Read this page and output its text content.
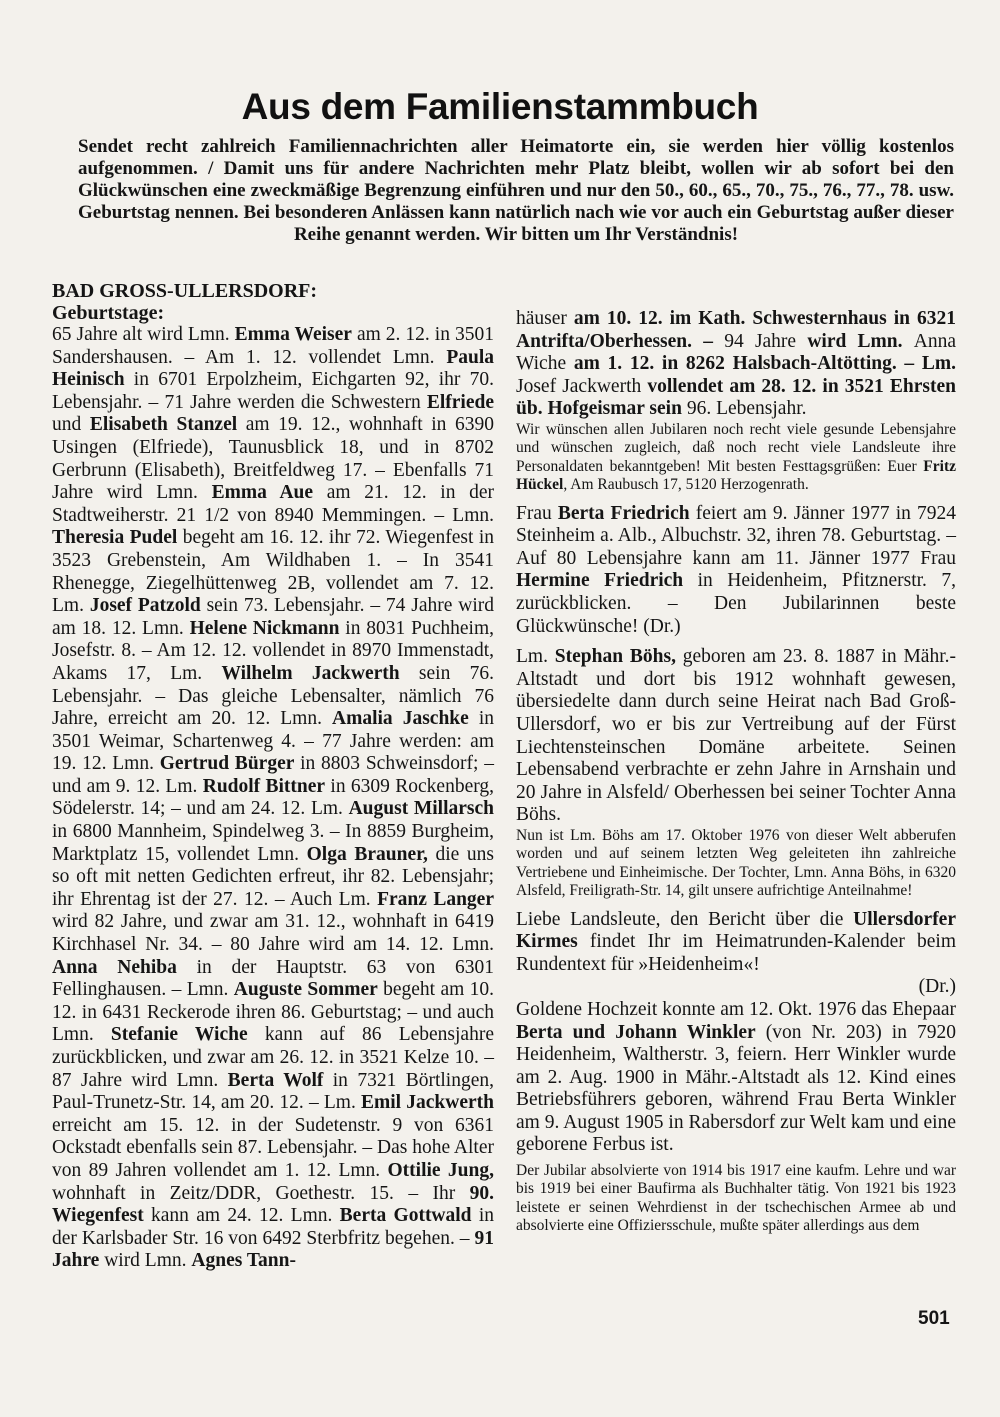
Aus dem Familienstammbuch
Sendet recht zahlreich Familiennachrichten aller Heimatorte ein, sie werden hier völlig kostenlos aufgenommen. / Damit uns für andere Nachrichten mehr Platz bleibt, wollen wir ab sofort bei den Glückwünschen eine zweckmäßige Begrenzung einführen und nur den 50., 60., 65., 70., 75., 76., 77., 78. usw. Geburtstag nennen. Bei besonderen Anlässen kann natürlich nach wie vor auch ein Geburtstag außer dieser Reihe genannt werden. Wir bitten um Ihr Verständnis!
BAD GROSS-ULLERSDORF:
Geburtstage:

65 Jahre alt wird Lmn. Emma Weiser am 2. 12. in 3501 Sandershausen. – Am 1. 12. vollendet Lmn. Paula Heinisch in 6701 Erpolzheim, Eichgarten 92, ihr 70. Lebensjahr. – 71 Jahre werden die Schwestern Elfriede und Elisabeth Stanzel am 19. 12., wohnhaft in 6390 Usingen (Elfriede), Taunusblick 18, und in 8702 Gerbrunn (Elisabeth), Breitfeldweg 17. – Ebenfalls 71 Jahre wird Lmn. Emma Aue am 21. 12. in der Stadtweiherstr. 21 1/2 von 8940 Memmingen. – Lmn. Theresia Pudel begeht am 16. 12. ihr 72. Wiegenfest in 3523 Grebenstein, Am Wildhaben 1. – In 3541 Rhenegge, Ziegelhüttenweg 2B, vollendet am 7. 12. Lm. Josef Patzold sein 73. Lebensjahr. – 74 Jahre wird am 18. 12. Lmn. Helene Nickmann in 8031 Puchheim, Josefstr. 8. – Am 12. 12. vollendet in 8970 Immenstadt, Akams 17, Lm. Wilhelm Jackwerth sein 76. Lebensjahr. – Das gleiche Lebensalter, nämlich 76 Jahre, erreicht am 20. 12. Lmn. Amalia Jaschke in 3501 Weimar, Schartenweg 4. – 77 Jahre werden: am 19. 12. Lmn. Gertrud Bürger in 8803 Schweinsdorf; – und am 9. 12. Lm. Rudolf Bittner in 6309 Rockenberg, Södelerstr. 14; – und am 24. 12. Lm. August Millarsch in 6800 Mannheim, Spindelweg 3. – In 8859 Burgheim, Marktplatz 15, vollendet Lmn. Olga Brauner, die uns so oft mit netten Gedichten erfreut, ihr 82. Lebensjahr; ihr Ehrentag ist der 27. 12. – Auch Lm. Franz Langer wird 82 Jahre, und zwar am 31. 12., wohnhaft in 6419 Kirchhasel Nr. 34. – 80 Jahre wird am 14. 12. Lmn. Anna Nehiba in der Hauptstr. 63 von 6301 Fellinghausen. – Lmn. Auguste Sommer begeht am 10. 12. in 6431 Reckerode ihren 86. Geburtstag; – und auch Lmn. Stefanie Wiche kann auf 86 Lebensjahre zurückblicken, und zwar am 26. 12. in 3521 Kelze 10. – 87 Jahre wird Lmn. Berta Wolf in 7321 Börtlingen, Paul-Trunetz-Str. 14, am 20. 12. – Lm. Emil Jackwerth erreicht am 15. 12. in der Sudetenstr. 9 von 6361 Ockstadt ebenfalls sein 87. Lebensjahr. – Das hohe Alter von 89 Jahren vollendet am 1. 12. Lmn. Ottilie Jung, wohnhaft in Zeitz/DDR, Goethestr. 15. – Ihr 90. Wiegenfest kann am 24. 12. Lmn. Berta Gottwald in der Karlsbader Str. 16 von 6492 Sterbfritz begehen. – 91 Jahre wird Lmn. Agnes Tann-

häuser am 10. 12. im Kath. Schwesternhaus in 6321 Antrifta/Oberhessen. – 94 Jahre wird Lmn. Anna Wiche am 1. 12. in 8262 Halsbach-Altötting. – Lm. Josef Jackwerth vollendet am 28. 12. in 3521 Ehrsten üb. Hofgeismar sein 96. Lebensjahr.

Wir wünschen allen Jubilaren noch recht viele gesunde Lebensjahre und wünschen zugleich, daß noch recht viele Landsleute ihre Personaldaten bekanntgeben! Mit besten Festtagsgrüßen: Euer Fritz Hückel, Am Raubusch 17, 5120 Herzogenrath.

Frau Berta Friedrich feiert am 9. Jänner 1977 in 7924 Steinheim a. Alb., Albuchstr. 32, ihren 78. Geburtstag. – Auf 80 Lebensjahre kann am 11. Jänner 1977 Frau Hermine Friedrich in Heidenheim, Pfitznerstr. 7, zurückblicken. – Den Jubilarinnen beste Glückwünsche! (Dr.)

Lm. Stephan Böhs, geboren am 23. 8. 1887 in Mähr.-Altstadt und dort bis 1912 wohnhaft gewesen, übersiedelte dann durch seine Heirat nach Bad Groß-Ullersdorf, wo er bis zur Vertreibung auf der Fürst Liechtensteinschen Domäne arbeitete. Seinen Lebensabend verbrachte er zehn Jahre in Arnshain und 20 Jahre in Alsfeld/ Oberhessen bei seiner Tochter Anna Böhs.

Nun ist Lm. Böhs am 17. Oktober 1976 von dieser Welt abberufen worden und auf seinem letzten Weg geleiteten ihn zahlreiche Vertriebene und Einheimische. Der Tochter, Lmn. Anna Böhs, in 6320 Alsfeld, Freiligrath-Str. 14, gilt unsere aufrichtige Anteilnahme!

Liebe Landsleute, den Bericht über die Ullersdorfer Kirmes findet Ihr im Heimatrunden-Kalender beim Rundentext für »Heidenheim«!

(Dr.)

Goldene Hochzeit konnte am 12. Okt. 1976 das Ehepaar Berta und Johann Winkler (von Nr. 203) in 7920 Heidenheim, Waltherstr. 3, feiern. Herr Winkler wurde am 2. Aug. 1900 in Mähr.-Altstadt als 12. Kind eines Betriebsführers geboren, während Frau Berta Winkler am 9. August 1905 in Rabersdorf zur Welt kam und eine geborene Ferbus ist.

Der Jubilar absolvierte von 1914 bis 1917 eine kaufm. Lehre und war bis 1919 bei einer Baufirma als Buchhalter tätig. Von 1921 bis 1923 leistete er seinen Wehrdienst in der tschechischen Armee ab und absolvierte eine Offiziersschule, mußte später allerdings aus dem

501
